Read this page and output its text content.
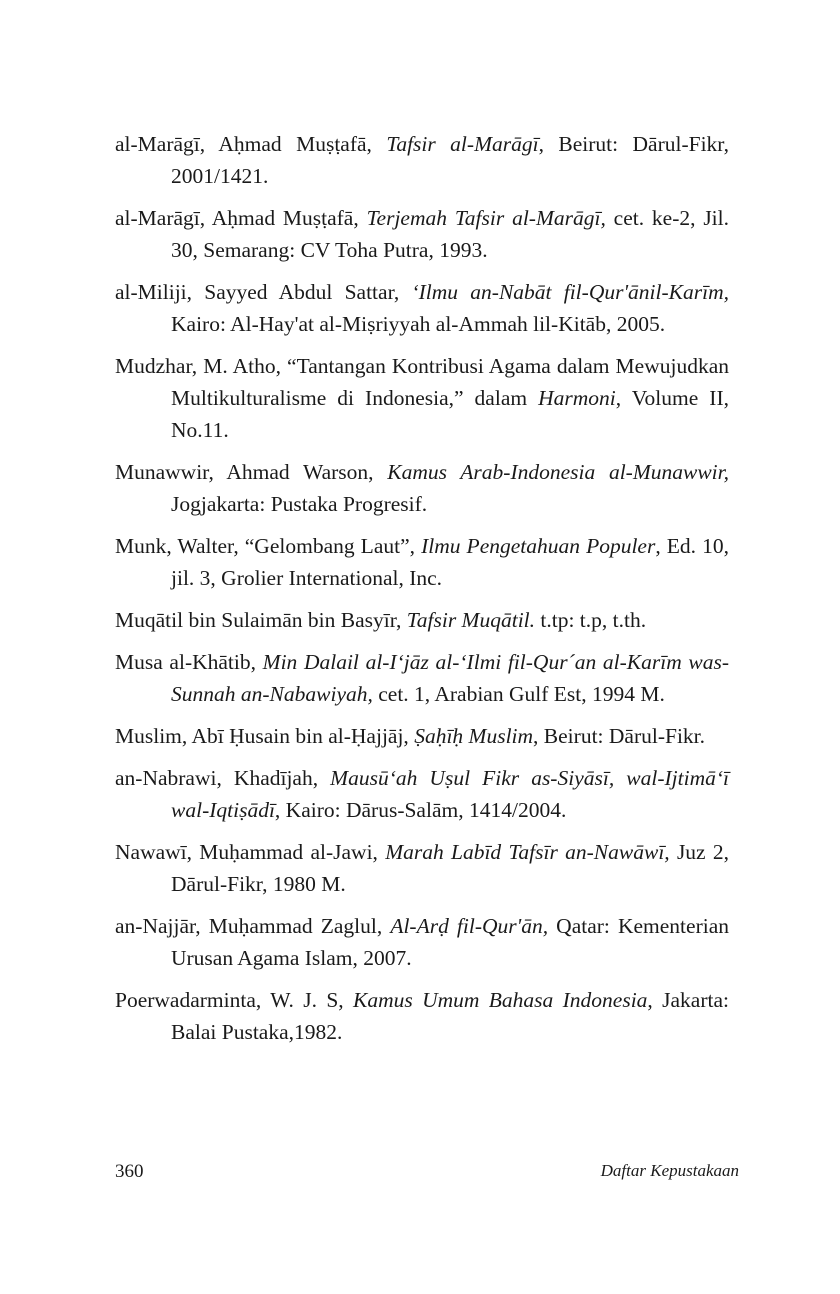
al-Marāgī, Aḥmad Muṣṭafā, Tafsir al-Marāgī, Beirut: Dārul-Fikr, 2001/1421.

al-Marāgī, Aḥmad Muṣṭafā, Terjemah Tafsir al-Marāgī, cet. ke-2, Jil. 30, Semarang: CV Toha Putra, 1993.

al-Miliji, Sayyed Abdul Sattar, ‘Ilmu an-Nabāt fil-Qur'ānil-Karīm, Kairo: Al-Hay'at al-Miṣriyyah al-Ammah lil-Kitāb, 2005.

Mudzhar, M. Atho, “Tantangan Kontribusi Agama dalam Mewujudkan Multikulturalisme di Indonesia,” dalam Harmoni, Volume II, No.11.

Munawwir, Ahmad Warson, Kamus Arab-Indonesia al-Munawwir, Jogjakarta: Pustaka Progresif.

Munk, Walter, “Gelombang Laut”, Ilmu Pengetahuan Populer, Ed. 10, jil. 3, Grolier International, Inc.

Muqātil bin Sulaimān bin Basyīr, Tafsir Muqātil. t.tp: t.p, t.th.

Musa al-Khātib, Min Dalail al-I‘jāz al-‘Ilmi fil-Qur´an al-Karīm was-Sunnah an-Nabawiyah, cet. 1, Arabian Gulf Est, 1994 M.

Muslim, Abī Ḥusain bin al-Ḥajjāj, Ṣaḥīḥ Muslim, Beirut: Dārul-Fikr.

an-Nabrawi, Khadījah, Mausū‘ah Uṣul Fikr as-Siyāsī, wal-Ijtimā‘ī wal-Iqtiṣādī, Kairo: Dārus-Salām, 1414/2004.

Nawawī, Muḥammad al-Jawi, Marah Labīd Tafsīr an-Nawāwī, Juz 2, Dārul-Fikr, 1980 M.

an-Najjār, Muḥammad Zaglul, Al-Arḍ fil-Qur'ān, Qatar: Kementerian Urusan Agama Islam, 2007.

Poerwadarminta, W. J. S, Kamus Umum Bahasa Indonesia, Jakarta: Balai Pustaka,1982.

360	Daftar Kepustakaan
